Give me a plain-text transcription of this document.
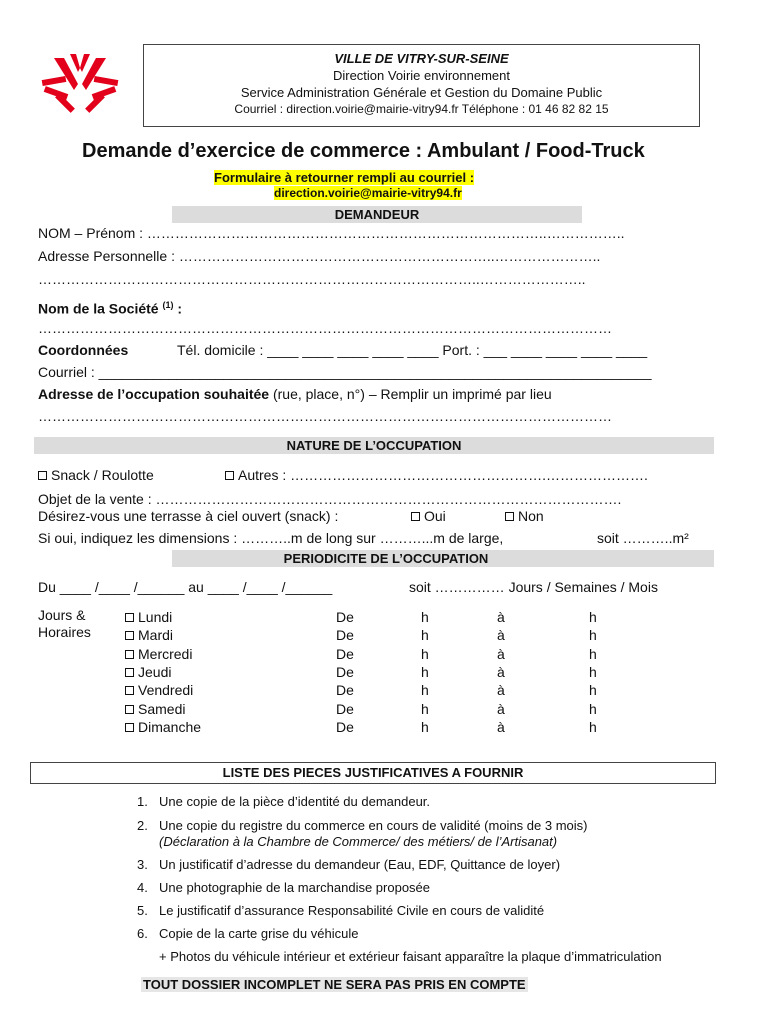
VILLE DE VITRY-SUR-SEINE
Direction Voirie environnement
Service Administration Générale et Gestion du Domaine Public
Courriel : direction.voirie@mairie-vitry94.fr Téléphone : 01 46 82 82 15
Demande d’exercice de commerce : Ambulant / Food-Truck
Formulaire à retourner rempli au courriel :
direction.voirie@mairie-vitry94.fr
DEMANDEUR
NOM – Prénom : …………………………………………………………………………..……………..
Adresse Personnelle : …………………………………………………………..…………………..
…………………………………………………………………………………..…………………..
Nom de la Société $^{(1)}$ :
……………………………………………………………………………………………………………
Coordonnées	Tél. domicile : ____ ____ ____ ____ ____ Port. : ___ ____ ____ ____ ____
Courriel : _______________________________________________________________________
Adresse de l’occupation souhaitée (rue, place, n°) – Remplir un imprimé par lieu
……………………………………………………………………………………………………………
NATURE DE L’OCCUPATION
Snack / Roulotte	Autres : ……………………………………………….………………….
Objet de la vente : ……………………………………………………………………………………….
Désirez-vous une terrasse à ciel ouvert (snack) :	Oui	Non
Si oui, indiquez les dimensions : ………..m de long sur ………...m de large,	soit ………..m²
PERIODICITE DE L’OCCUPATION
Du ____ /____ /______ au ____ /____ /______	soit …………… Jours / Semaines / Mois
Jours &
Horaires
Lundi	De	h	à	h
Mardi	De	h	à	h
Mercredi	De	h	à	h
Jeudi	De	h	à	h
Vendredi	De	h	à	h
Samedi	De	h	à	h
Dimanche	De	h	à	h
LISTE DES PIECES JUSTIFICATIVES A FOURNIR
1. Une copie de la pièce d’identité du demandeur.
2. Une copie du registre du commerce en cours de validité (moins de 3 mois)
3. Un justificatif d’adresse du demandeur (Eau, EDF, Quittance de loyer)
4. Une photographie de la marchandise proposée
5. Le justificatif d’assurance Responsabilité Civile en cours de validité
6. Copie de la carte grise du véhicule
(Déclaration à la Chambre de Commerce/ des métiers/ de l’Artisanat)
+ Photos du véhicule intérieur et extérieur faisant apparaître la plaque d’immatriculation
TOUT DOSSIER INCOMPLET NE SERA PAS PRIS EN COMPTE
